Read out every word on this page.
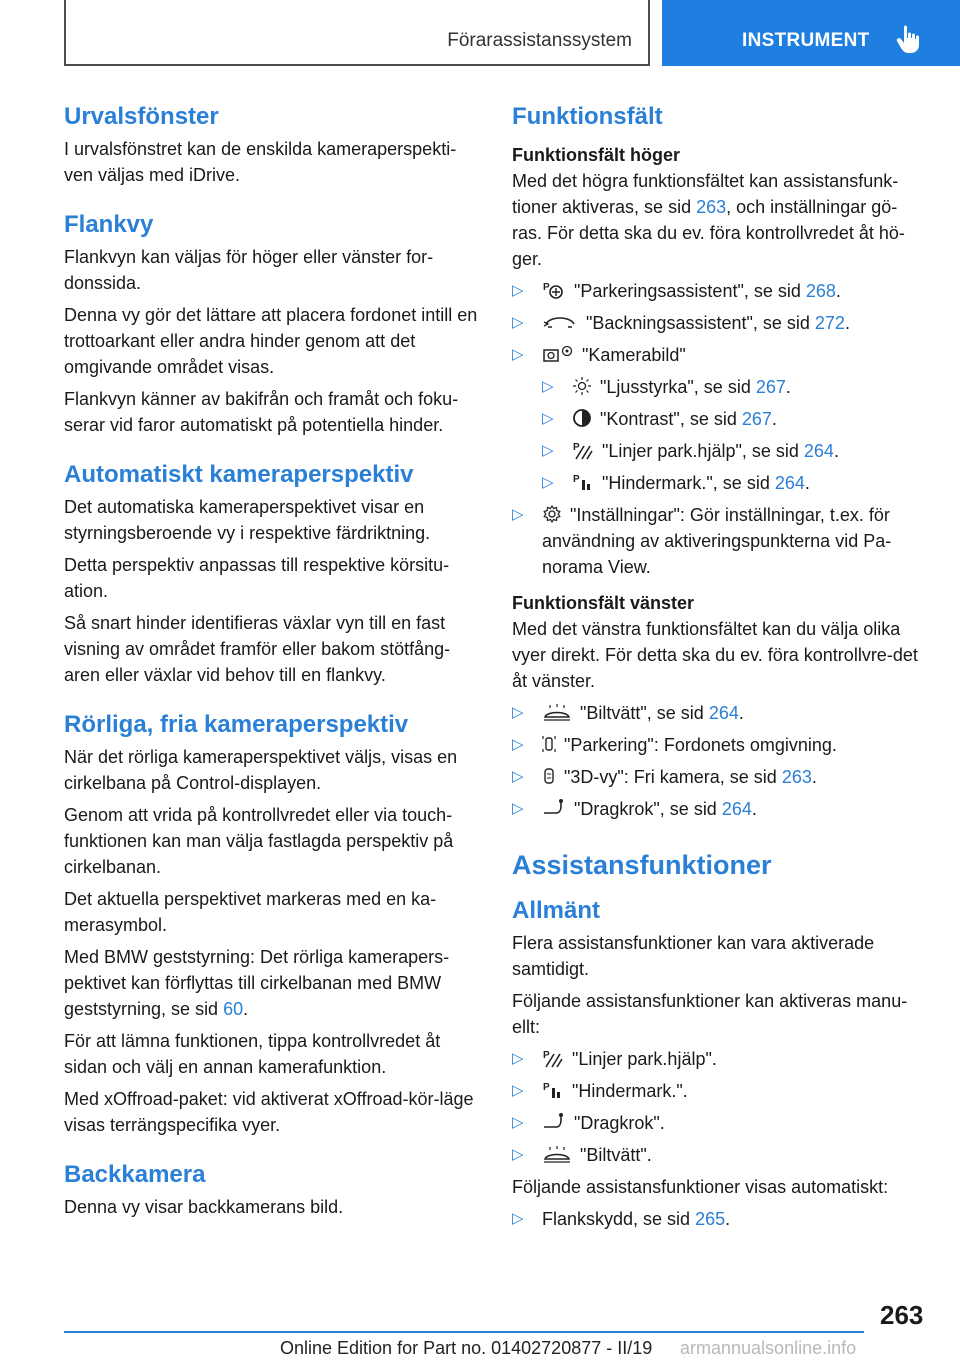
Förarassistanssystem	INSTRUMENT
Urvalsfönster

I urvalsfönstret kan de enskilda kameraperspekti‐ven väljas med iDrive.

Flankvy

Flankvyn kan väljas för höger eller vänster for‐donssida.

Denna vy gör det lättare att placera fordonet intill en trottoarkant eller andra hinder genom att det omgivande området visas.

Flankvyn känner av bakifrån och framåt och foku‐serar vid faror automatiskt på potentiella hinder.

Automatiskt kameraperspektiv

Det automatiska kameraperspektivet visar en styrningsberoende vy i respektive färdriktning.

Detta perspektiv anpassas till respektive körsitu‐ation.

Så snart hinder identifieras växlar vyn till en fast visning av området framför eller bakom stötfång‐aren eller växlar vid behov till en flankvy.

Rörliga, fria kameraperspektiv

När det rörliga kameraperspektivet väljs, visas en cirkelbana på Control-displayen.

Genom att vrida på kontrollvredet eller via touch‐funktionen kan man välja fastlagda perspektiv på cirkelbanan.

Det aktuella perspektivet markeras med en ka‐merasymbol.

Med BMW geststyrning: Det rörliga kamerapers‐pektivet kan förflyttas till cirkelbanan med BMW geststyrning, se sid 60.

För att lämna funktionen, tippa kontrollvredet åt sidan och välj en annan kamerafunktion.

Med xOffroad-paket: vid aktiverat xOffroad-kör‐läge visas terrängspecifika vyer.

Backkamera

Denna vy visar backkamerans bild.

Funktionsfält
Funktionsfält höger

Med det högra funktionsfältet kan assistansfunk‐tioner aktiveras, se sid 263, och inställningar gö‐ras. För detta ska du ev. föra kontrollvredet åt hö‐ger.

▷ P "Parkeringsassistent", se sid 268.
▷	"Backningsassistent", se sid 272.
▷	"Kamerabild"
▷	"Ljusstyrka", se sid 267.
▷	"Kontrast", se sid 267.
▷ P "Linjer park.hjälp", se sid 264.
▷ P "Hindermark.", se sid 264.
▷	"Inställningar": Gör inställningar, t.ex. för användning av aktiveringspunkterna vid Pa‐norama View.
Funktionsfält vänster

Med det vänstra funktionsfältet kan du välja olika vyer direkt. För detta ska du ev. föra kontrollvre‐det åt vänster.

▷	"Biltvätt", se sid 264.
▷ "Parkering": Fordonets omgivning.
▷ "3D-vy": Fri kamera, se sid 263.
▷	"Dragkrok", se sid 264.
Assistansfunktioner
Allmänt

Flera assistansfunktioner kan vara aktiverade samtidigt.

Följande assistansfunktioner kan aktiveras manu‐ellt:

▷ P "Linjer park.hjälp".
▷ P "Hindermark.".
▷	"Dragkrok".
▷	"Biltvätt".

Följande assistansfunktioner visas automatiskt:

▷ Flankskydd, se sid 265.
263
Online Edition for Part no. 01402720877 - II/19 armannualsonline.info
